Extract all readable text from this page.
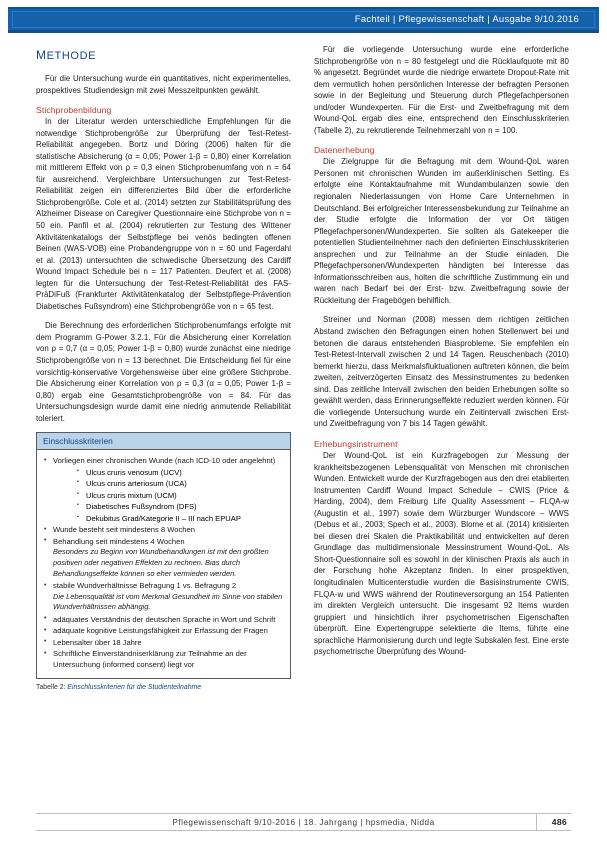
Fachteil | Pflegewissenschaft | Ausgabe 9/10.2016
methode

Für die Untersuchung wurde ein quantitatives, nicht experimentelles, prospektives Studiendesign mit zwei Messzeitpunkten gewählt.

Stichprobenbildung

In der Literatur werden unterschiedliche Empfehlungen für die notwendige Stichprobengröße zur Überprüfung der Test-Retest-Reliabilität angegeben. Bortz und Döring (2006) halten für die statistische Absicherung (α = 0,05; Power 1-β = 0,80) einer Korrelation mit mittlerem Effekt von ρ = 0,3 einen Stichprobenumfang von n = 64 für ausreichend. Vergleichbare Untersuchungen zur Test-Retest-Reliabilität zeigen ein differenziertes Bild über die erforderliche Stichprobengröße. Cole et al. (2014) setzten zur Stabilitätsprüfung des Alzheimer Disease on Caregiver Questionnaire eine Stichprobe von n = 50 ein. Panfil et al. (2004) rekrutierten zur Testung des Wittener Aktivitätenkatalogs der Selbstpflege bei venös bedingten offenen Beinen (WAS-VOB) eine Probandengruppe von n = 60 und Fagerdahl et al. (2013) untersuchten die schwedische Übersetzung des Cardiff Wound Impact Schedule bei n = 117 Patienten. Deufert et al. (2008) legten für die Untersuchung der Test-Retest-Reliabilität des FAS-PräDiFuß (Frankfurter Aktivitätenkatalog der Selbstpflege-Prävention Diabetisches Fußsyndrom) eine Stichprobengröße von n = 65 fest.

Die Berechnung des erforderlichen Stichprobenumfangs erfolgte mit dem Programm G-Power 3.2.1. Für die Absicherung einer Korrelation von ρ = 0,7 (α = 0,05; Power 1-β = 0,80) wurde zunächst eine niedrige Stichprobengröße von n = 13 berechnet. Die Entscheidung fiel für eine vorsichtig-konservative Vorgehensweise über eine größere Stichprobe. Die Absicherung einer Korrelation von ρ = 0,3 (α = 0,05; Power 1-β = 0,80) ergab eine Gesamtstichprobengröße von = 84. Für das Untersuchungsdesign wurde damit eine niedrig anmutende Reliabilität toleriert.

Einschlusskriterien
• Vorliegen einer chronischen Wunde (nach ICD-10 oder angelehnt)
▪ Ulcus cruris venosum (UCV)
▪ Ulcus cruris arteriosum (UCA)
▪ Ulcus cruris mixtum (UCM)
▪ Diabetisches Fußsyndrom (DFS)
▪ Dekubitus Grad/Kategorie II – III nach EPUAP
• Wunde besteht seit mindestens 8 Wochen
• Behandlung seit mindestens 4 Wochen
Besonders zu Beginn von Wundbehandlungen ist mit den größten positiven oder negativen Effekten zu rechnen. Bias durch Behandlungseffekte können so eher vermieden werden.
• stabile Wundverhältnisse Befragung 1 vs. Befragung 2
Die Lebensqualität ist vom Merkmal Gesundheit im Sinne von stabilen Wundverhältnissen abhängig.
• adäquates Verständnis der deutschen Sprache in Wort und Schrift
• adäquate kognitive Leistungsfähigkeit zur Erfassung der Fragen
• Lebensalter über 18 Jahre
• Schriftliche Einverständniserklärung zur Teilnahme an der Untersuchung (informed consent) liegt vor
Tabelle 2: Einschlusskriterien für die Studienteilnahme

Für die vorliegende Untersuchung wurde eine erforderliche Stichprobengröße von n = 80 festgelegt und die Rücklaufquote mit 80 % angesetzt. Begründet wurde die niedrige erwartete Dropout-Rate mit dem vermutlich hohen persönlichen Interesse der befragten Personen sowie in der Begleitung und Steuerung durch Pflegefachpersonen und/oder Wundexperten. Für die Erst- und Zweitbefragung mit dem Wound-QoL ergab dies eine, entsprechend den Einschlusskriterien (Tabelle 2), zu rekrutierende Teilnehmerzahl von n = 100.

Datenerhebung

Die Zielgruppe für die Befragung mit dem Wound-QoL waren Personen mit chronischen Wunden im außerklinischen Setting. Es erfolgte eine Kontaktaufnahme mit Wundambulanzen sowie den regionalen Niederlassungen von Home Care Unternehmen in Deutschland. Bei erfolgreicher Interessensbekundung zur Teilnahme an der Studie erfolgte die Information der vor Ort tätigen Pflegefachpersonen/Wundexperten. Sie sollten als Gatekeeper die potentiellen Studienteilnehmer nach den definierten Einschlusskriterien ansprechen und zur Teilnahme an der Studie einladen. Die Pflegefachpersonen/Wundexperten händigten bei Interesse das Informationsschreiben aus, holten die schriftliche Zustimmung ein und waren nach Bedarf bei der Erst- bzw. Zweitbefragung sowie der Rückleitung der Fragebögen behilflich.

Streiner und Norman (2008) messen dem richtigen zeitlichen Abstand zwischen den Befragungen einen hohen Stellenwert bei und betonen die daraus entstehenden Biasprobleme. Sie empfehlen ein Test-Retest-Intervall zwischen 2 und 14 Tagen. Reuschenbach (2010) bemerkt hierzu, dass Merkmalsfluktuationen auftreten können, die beim zweiten, zeitverzögerten Einsatz des Messinstrumentes zu bedenken sind. Das zeitliche Intervall zwischen den beiden Erhebungen sollte so gewählt werden, dass Erinnerungseffekte reduziert werden können. Für die vorliegende Untersuchung wurde ein Zeitintervall zwischen Erst- und Zweitbefragung von 7 bis 14 Tagen gewählt.

Erhebungsinstrument

Der Wound-QoL ist ein Kurzfragebogen zur Messung der krankheitsbezogenen Lebensqualität von Menschen mit chronischen Wunden. Entwickelt wurde der Kurzfragebogen aus den drei etablierten Instrumenten Cardiff Wound Impact Schedule – CWIS (Price & Harding, 2004), dem Freiburg Life Quality Assessment – FLQA-w (Augustin et al., 1997) sowie dem Würzburger Wundscore – WWS (Debus et al., 2003; Spech et al., 2003). Blome et al. (2014) kritisierten bei diesen drei Skalen die Praktikabilität und entwickelten auf deren Grundlage das multidimensionale Messinstrument Wound-QoL. Als Short-Questionnaire soll es sowohl in der klinischen Praxis als auch in der Forschung hohe Akzeptanz finden. In einer prospektiven, longitudinalen Multicenterstudie wurden die Basisinstrumente CWIS, FLQA-w und WWS während der Routineversorgung an 154 Patienten im direkten Vergleich untersucht. Die insgesamt 92 Items wurden gruppiert und hinsichtlich ihrer psychometrischen Eigenschaften überprüft. Eine Expertengruppe selektierte die Items, führte eine sprachliche Harmonisierung durch und legte Subskalen fest. Eine erste psychometrische Überprüfung des Wound-

Pflegewissenschaft 9/10-2016 | 18. Jahrgang | hpsmedia, Nidda	486
